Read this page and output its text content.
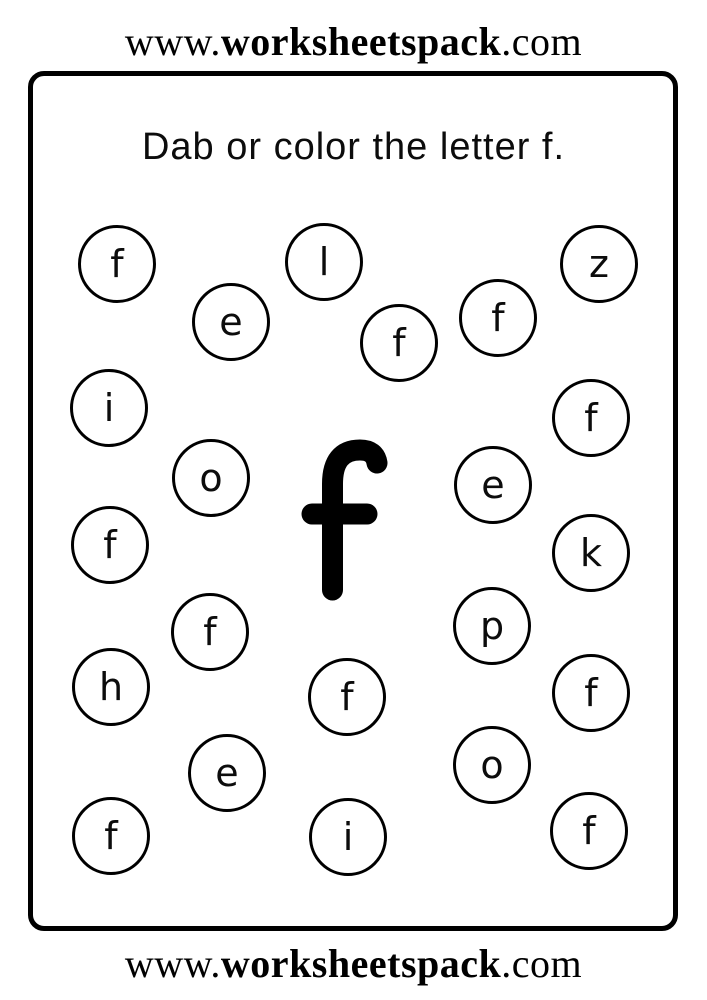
www.worksheetspack.com
Dab or color the letter f.
f
e
l
f
f
z
i
o
f
e
f	k
p
f
h	f
f
o
e
f	i	f
www.worksheetspack.com
